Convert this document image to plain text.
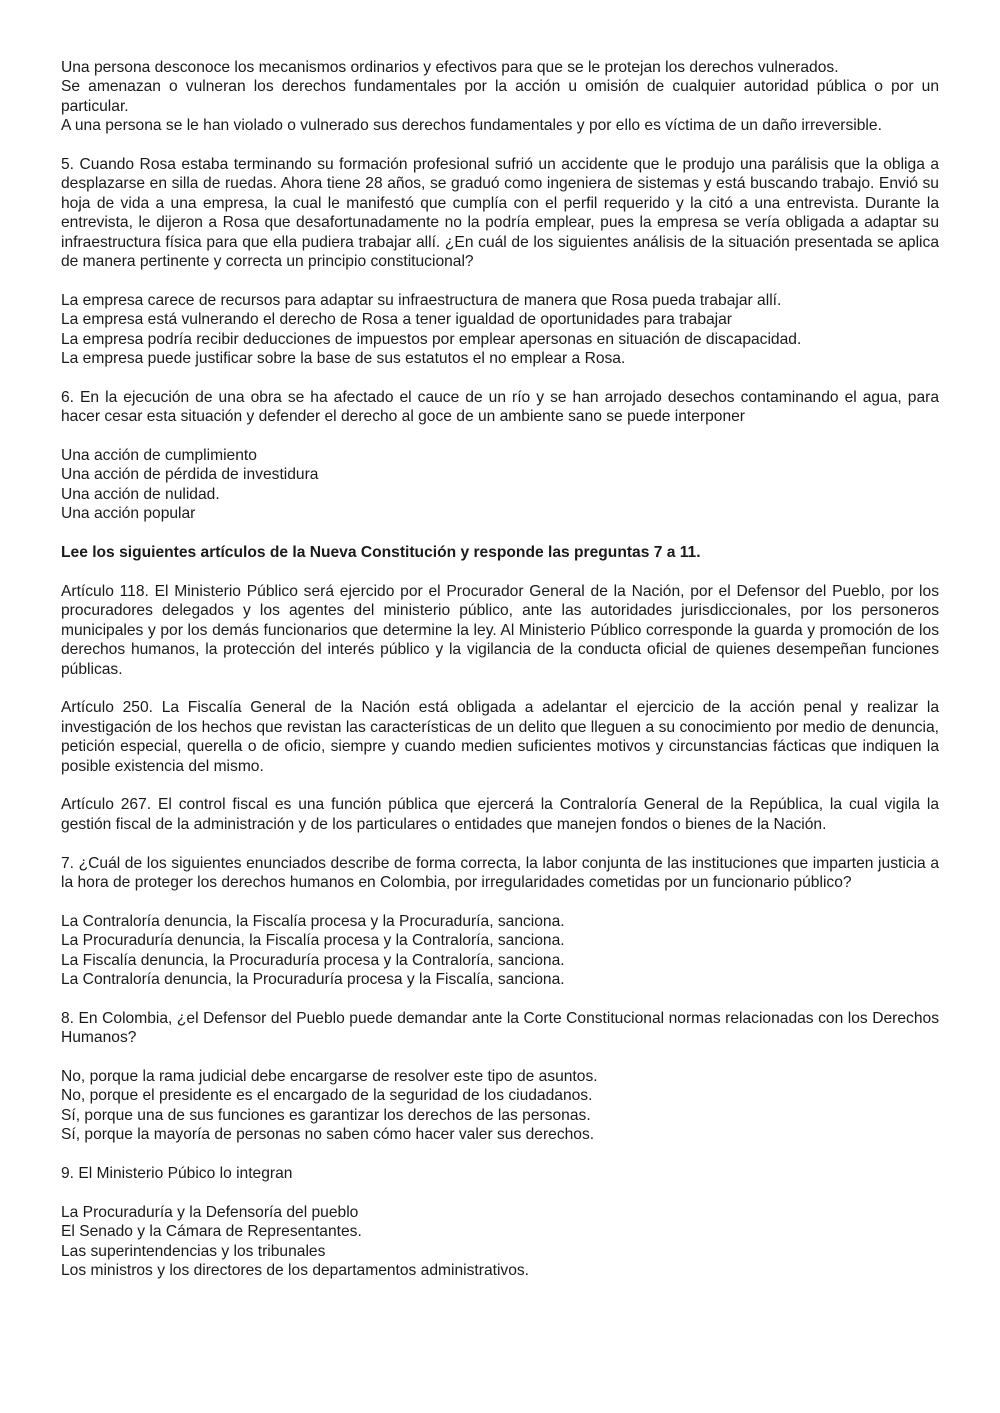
Una persona desconoce los mecanismos ordinarios y efectivos para que se le protejan los derechos vulnerados.

Se amenazan o vulneran los derechos fundamentales por la acción u omisión de cualquier autoridad pública o por un particular.

A una persona se le han violado o vulnerado sus derechos fundamentales y por ello es víctima de un daño irreversible.

5. Cuando Rosa estaba terminando su formación profesional sufrió un accidente que le produjo una parálisis que la obliga a desplazarse en silla de ruedas. Ahora tiene 28 años, se graduó como ingeniera de sistemas y está buscando trabajo. Envió su hoja de vida a una empresa, la cual le manifestó que cumplía con el perfil requerido y la citó a una entrevista. Durante la entrevista, le dijeron a Rosa que desafortunadamente no la podría emplear, pues la empresa se vería obligada a adaptar su infraestructura física para que ella pudiera trabajar allí. ¿En cuál de los siguientes análisis de la situación presentada se aplica de manera pertinente y correcta un principio constitucional?

La empresa carece de recursos para adaptar su infraestructura de manera que Rosa pueda trabajar allí.
La empresa está vulnerando el derecho de Rosa a tener igualdad de oportunidades para trabajar
La empresa podría recibir deducciones de impuestos por emplear apersonas en situación de discapacidad.
La empresa puede justificar sobre la base de sus estatutos el no emplear a Rosa.

6. En la ejecución de una obra se ha afectado el cauce de un río y se han arrojado desechos contaminando el agua, para hacer cesar esta situación y defender el derecho al goce de un ambiente sano se puede interponer

Una acción de cumplimiento
Una acción de pérdida de investidura
Una acción de nulidad.
Una acción popular

Lee los siguientes artículos de la Nueva Constitución y responde las preguntas 7 a 11.

Artículo 118. El Ministerio Público será ejercido por el Procurador General de la Nación, por el Defensor del Pueblo, por los procuradores delegados y los agentes del ministerio público, ante las autoridades jurisdiccionales, por los personeros municipales y por los demás funcionarios que determine la ley. Al Ministerio Público corresponde la guarda y promoción de los derechos humanos, la protección del interés público y la vigilancia de la conducta oficial de quienes desempeñan funciones públicas.

Artículo 250. La Fiscalía General de la Nación está obligada a adelantar el ejercicio de la acción penal y realizar la investigación de los hechos que revistan las características de un delito que lleguen a su conocimiento por medio de denuncia, petición especial, querella o de oficio, siempre y cuando medien suficientes motivos y circunstancias fácticas que indiquen la posible existencia del mismo.

Artículo 267. El control fiscal es una función pública que ejercerá la Contraloría General de la República, la cual vigila la gestión fiscal de la administración y de los particulares o entidades que manejen fondos o bienes de la Nación.

7. ¿Cuál de los siguientes enunciados describe de forma correcta, la labor conjunta de las instituciones que imparten justicia a la hora de proteger los derechos humanos en Colombia, por irregularidades cometidas por un funcionario público?

La Contraloría denuncia, la Fiscalía procesa y la Procuraduría, sanciona.
La Procuraduría denuncia, la Fiscalía procesa y la Contraloría, sanciona.
La Fiscalía denuncia, la Procuraduría procesa y la Contraloría, sanciona.
La Contraloría denuncia, la Procuraduría procesa y la Fiscalía, sanciona.

8. En Colombia, ¿el Defensor del Pueblo puede demandar ante la Corte Constitucional normas relacionadas con los Derechos Humanos?

No, porque la rama judicial debe encargarse de resolver este tipo de asuntos.
No, porque el presidente es el encargado de la seguridad de los ciudadanos.
Sí, porque una de sus funciones es garantizar los derechos de las personas.
Sí, porque la mayoría de personas no saben cómo hacer valer sus derechos.

9. El Ministerio Púbico lo integran

La Procuraduría y la Defensoría del pueblo
El Senado y la Cámara de Representantes.
Las superintendencias y los tribunales
Los ministros y los directores de los departamentos administrativos.
